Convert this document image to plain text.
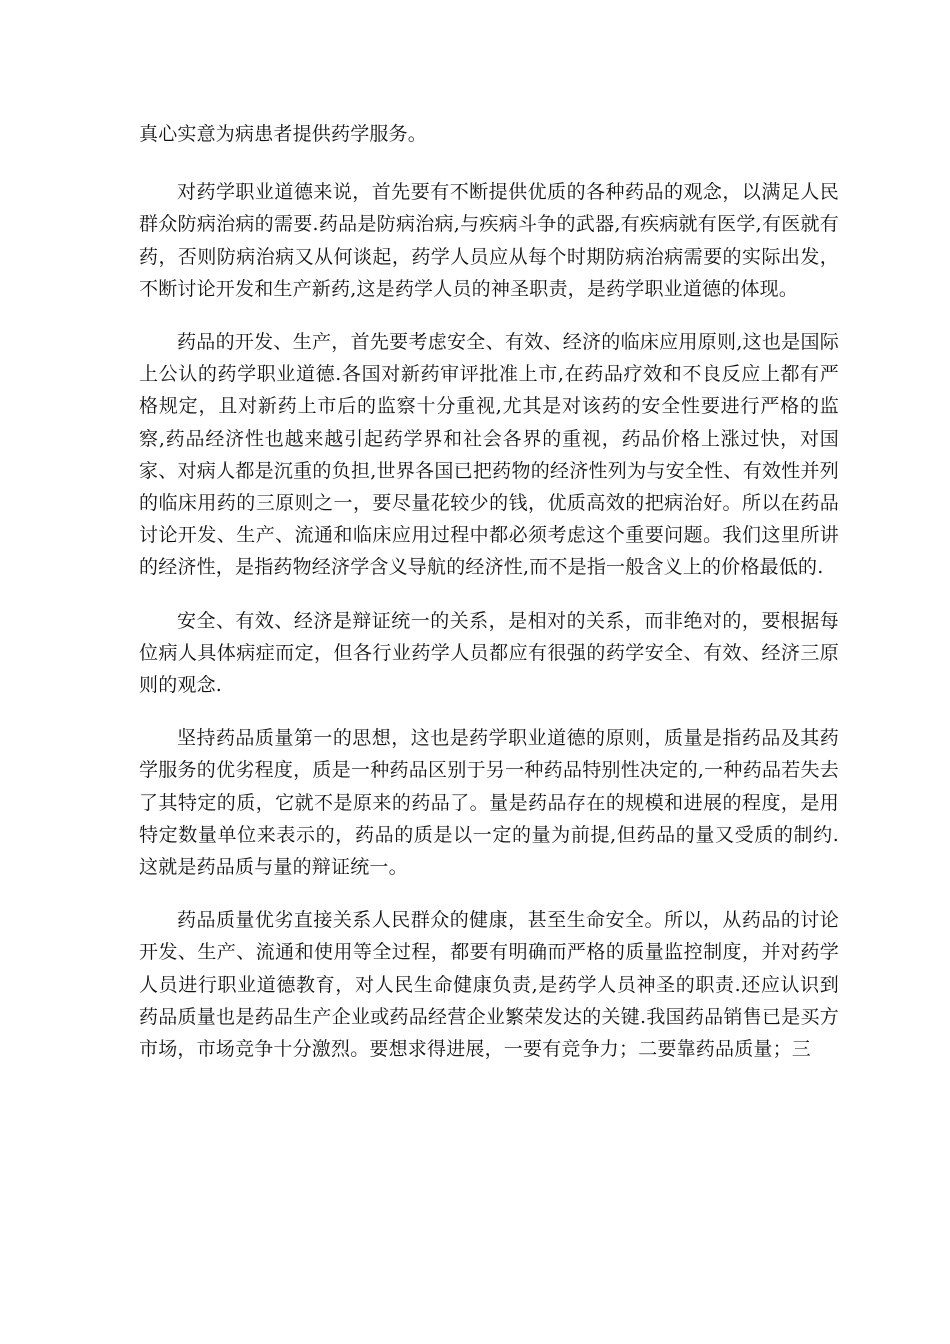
真心实意为病患者提供药学服务。

对药学职业道德来说，首先要有不断提供优质的各种药品的观念，以满足人民群众防病治病的需要.药品是防病治病,与疾病斗争的武器,有疾病就有医学,有医就有药，否则防病治病又从何谈起，药学人员应从每个时期防病治病需要的实际出发，不断讨论开发和生产新药,这是药学人员的神圣职责，是药学职业道德的体现。

药品的开发、生产，首先要考虑安全、有效、经济的临床应用原则,这也是国际上公认的药学职业道德.各国对新药审评批准上市,在药品疗效和不良反应上都有严格规定，且对新药上市后的监察十分重视,尤其是对该药的安全性要进行严格的监察,药品经济性也越来越引起药学界和社会各界的重视，药品价格上涨过快，对国家、对病人都是沉重的负担,世界各国已把药物的经济性列为与安全性、有效性并列的临床用药的三原则之一，要尽量花较少的钱，优质高效的把病治好。所以在药品讨论开发、生产、流通和临床应用过程中都必须考虑这个重要问题。我们这里所讲的经济性，是指药物经济学含义导航的经济性,而不是指一般含义上的价格最低的.

安全、有效、经济是辩证统一的关系，是相对的关系，而非绝对的，要根据每位病人具体病症而定，但各行业药学人员都应有很强的药学安全、有效、经济三原则的观念.

坚持药品质量第一的思想，这也是药学职业道德的原则，质量是指药品及其药学服务的优劣程度，质是一种药品区别于另一种药品特别性决定的,一种药品若失去了其特定的质，它就不是原来的药品了。量是药品存在的规模和进展的程度，是用特定数量单位来表示的，药品的质是以一定的量为前提,但药品的量又受质的制约.这就是药品质与量的辩证统一。

药品质量优劣直接关系人民群众的健康，甚至生命安全。所以，从药品的讨论开发、生产、流通和使用等全过程，都要有明确而严格的质量监控制度，并对药学人员进行职业道德教育，对人民生命健康负责,是药学人员神圣的职责.还应认识到药品质量也是药品生产企业或药品经营企业繁荣发达的关键.我国药品销售已是买方市场，市场竞争十分激烈。要想求得进展，一要有竞争力；二要靠药品质量；三
